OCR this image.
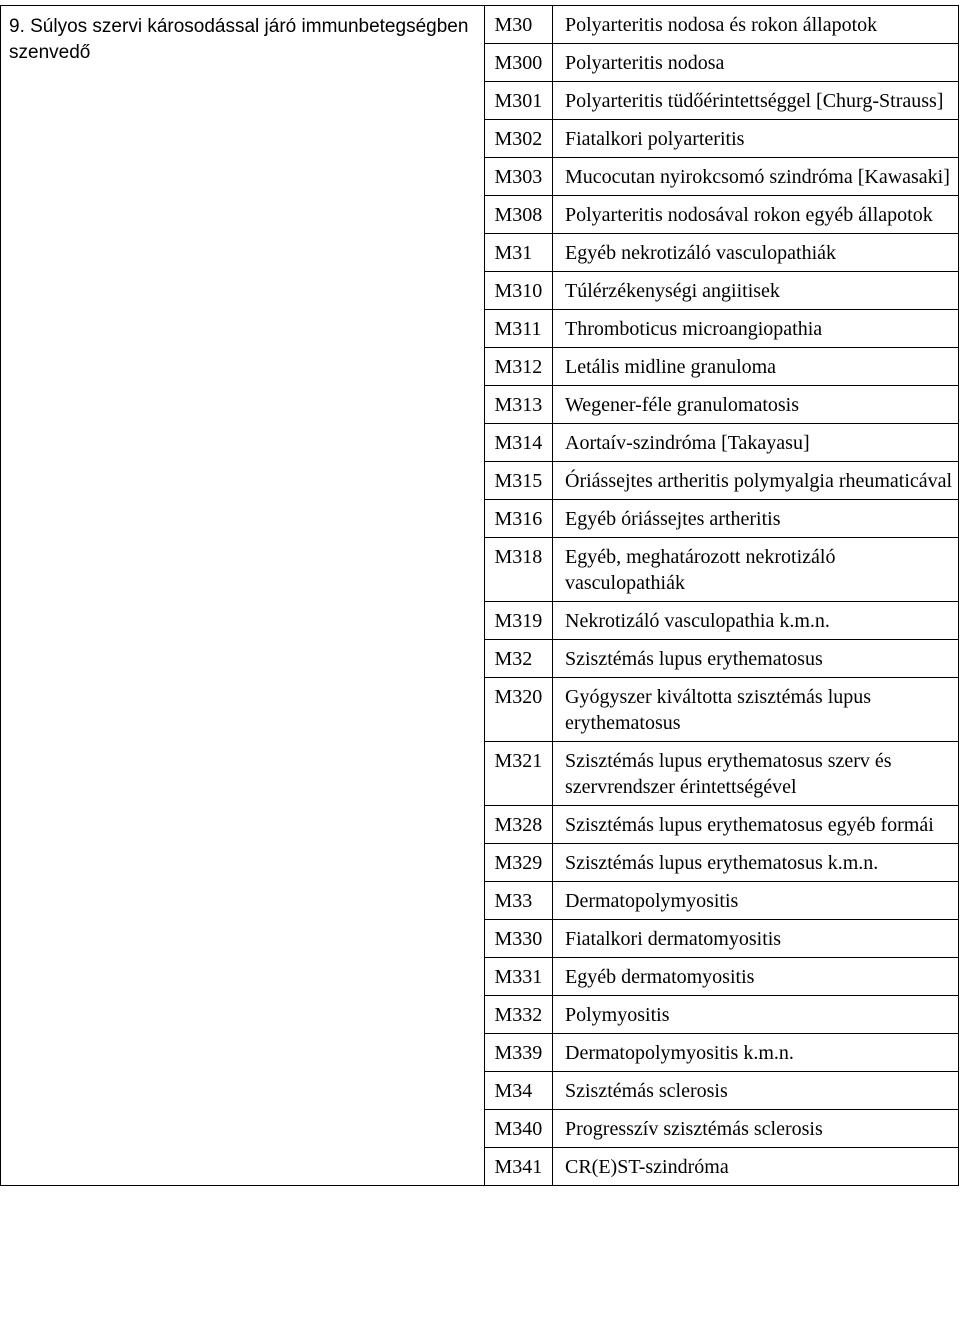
9. Súlyos szervi károsodással járó immunbetegségben szenvedő

M30	Polyarteritis nodosa és rokon állapotok
M300	Polyarteritis nodosa
M301	Polyarteritis tüdőérintettséggel [Churg-Strauss]
M302	Fiatalkori polyarteritis
M303	Mucocutan nyirokcsomó szindróma [Kawasaki]
M308	Polyarteritis nodosával rokon egyéb állapotok
M31	Egyéb nekrotizáló vasculopathiák
M310	Túlérzékenységi angiitisek
M311	Thromboticus microangiopathia
M312	Letális midline granuloma
M313	Wegener-féle granulomatosis
M314	Aortaív-szindróma [Takayasu]
M315	Óriássejtes artheritis polymyalgia rheumaticával
M316	Egyéb óriássejtes artheritis
M318	Egyéb, meghatározott nekrotizáló vasculopathiák
M319	Nekrotizáló vasculopathia k.m.n.
M32	Szisztémás lupus erythematosus
M320	Gyógyszer kiváltotta szisztémás lupus erythematosus
M321	Szisztémás lupus erythematosus szerv és szervrendszer érintettségével
M328	Szisztémás lupus erythematosus egyéb formái
M329	Szisztémás lupus erythematosus k.m.n.
M33	Dermatopolymyositis
M330	Fiatalkori dermatomyositis
M331	Egyéb dermatomyositis
M332	Polymyositis
M339	Dermatopolymyositis k.m.n.
M34	Szisztémás sclerosis
M340	Progresszív szisztémás sclerosis
M341	CR(E)ST-szindróma
